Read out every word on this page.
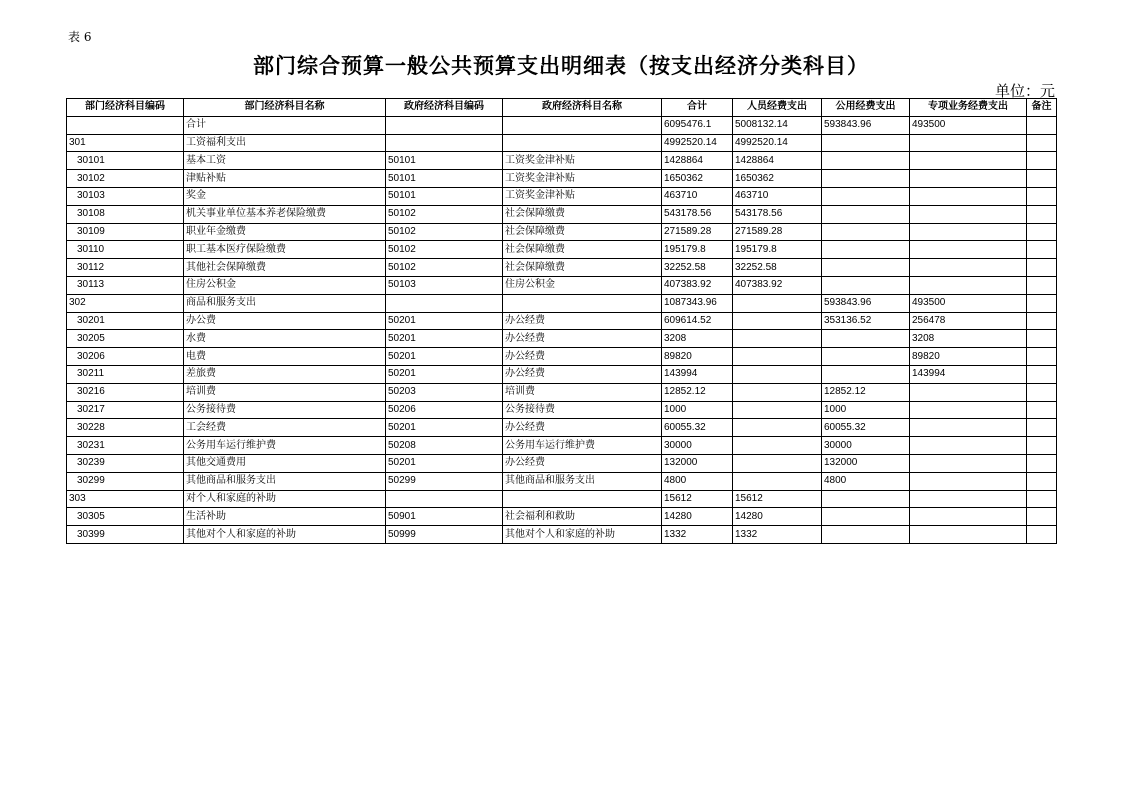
表 6
部门综合预算一般公共预算支出明细表（按支出经济分类科目）
单位：元
部门经济科目编码	部门经济科目名称	政府经济科目编码	政府经济科目名称	合计	人员经费支出	公用经费支出	专项业务经费支出	备注
	合计			6095476.1	5008132.14	593843.96	493500	
301	工资福利支出			4992520.14	4992520.14			
30101	基本工资	50101	工资奖金津补贴	1428864	1428864			
30102	津贴补贴	50101	工资奖金津补贴	1650362	1650362			
30103	奖金	50101	工资奖金津补贴	463710	463710			
30108	机关事业单位基本养老保险缴费	50102	社会保障缴费	543178.56	543178.56			
30109	职业年金缴费	50102	社会保障缴费	271589.28	271589.28			
30110	职工基本医疗保险缴费	50102	社会保障缴费	195179.8	195179.8			
30112	其他社会保障缴费	50102	社会保障缴费	32252.58	32252.58			
30113	住房公积金	50103	住房公积金	407383.92	407383.92			
302	商品和服务支出			1087343.96		593843.96	493500	
30201	办公费	50201	办公经费	609614.52		353136.52	256478	
30205	水费	50201	办公经费	3208			3208	
30206	电费	50201	办公经费	89820			89820	
30211	差旅费	50201	办公经费	143994			143994	
30216	培训费	50203	培训费	12852.12		12852.12		
30217	公务接待费	50206	公务接待费	1000		1000		
30228	工会经费	50201	办公经费	60055.32		60055.32		
30231	公务用车运行维护费	50208	公务用车运行维护费	30000		30000		
30239	其他交通费用	50201	办公经费	132000		132000		
30299	其他商品和服务支出	50299	其他商品和服务支出	4800		4800		
303	对个人和家庭的补助			15612	15612			
30305	生活补助	50901	社会福利和救助	14280	14280			
30399	其他对个人和家庭的补助	50999	其他对个人和家庭的补助	1332	1332			
